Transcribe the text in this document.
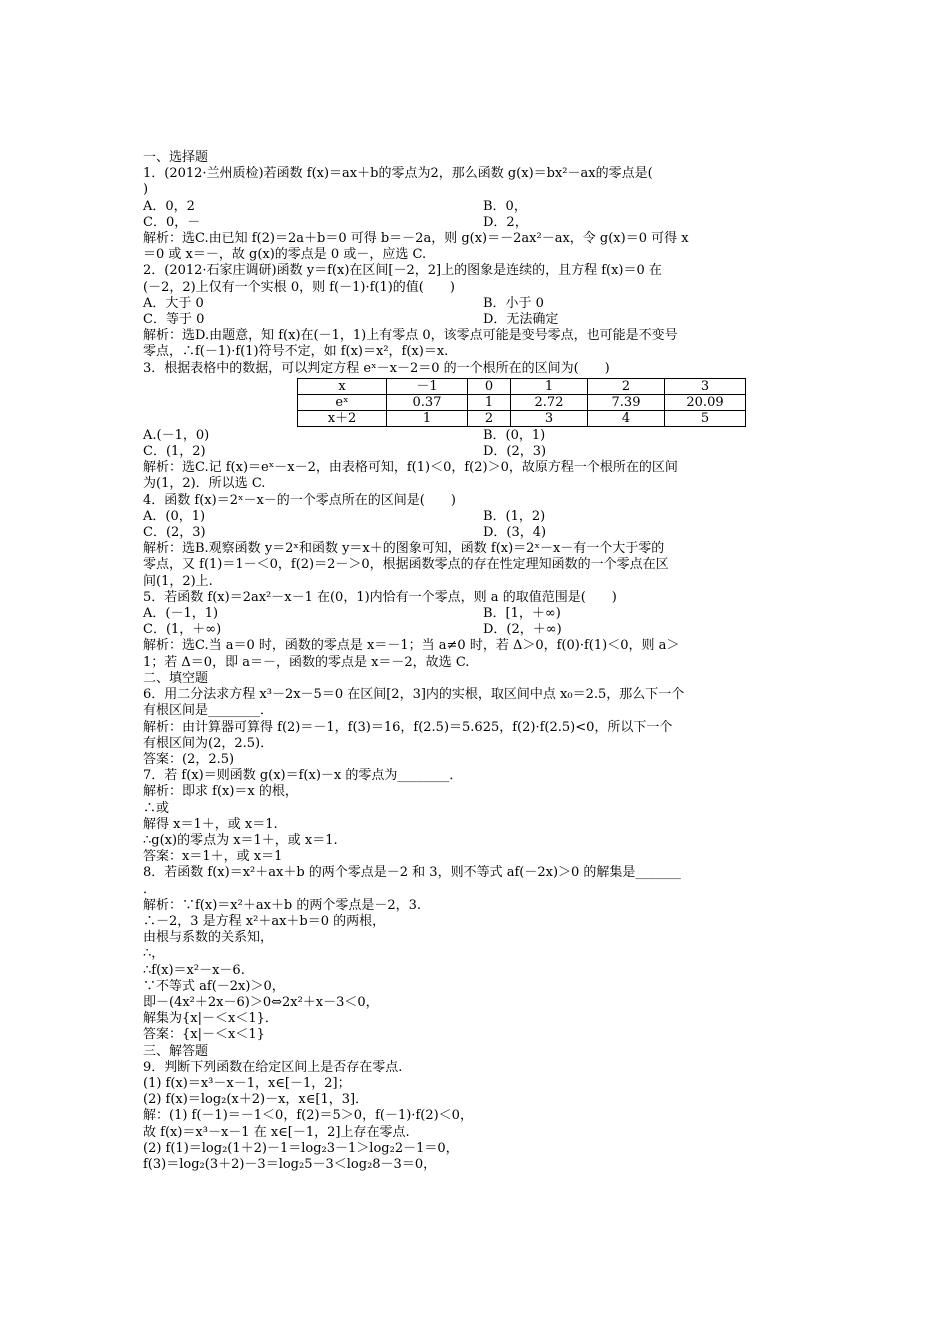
一、选择题

1．(2012·兰州质检)若函数 f(x)＝ax＋b的零点为2，那么函数 g(x)＝bx²－ax的零点是(

)

A．0，2	B．0，
C．0，－	D．2，

解析：选C.由已知 f(2)＝2a＋b＝0 可得 b＝－2a，则 g(x)＝－2ax²－ax，令 g(x)＝0 可得 x

＝0 或 x＝－，故 g(x)的零点是 0 或－，应选 C.

2．(2012·石家庄调研)函数 y＝f(x)在区间[－2，2]上的图象是连续的，且方程 f(x)＝0 在

(－2，2)上仅有一个实根 0，则 f(－1)·f(1)的值(　　)

A．大于 0	B．小于 0
C．等于 0	D．无法确定

解析：选D.由题意，知 f(x)在(－1，1)上有零点 0，该零点可能是变号零点，也可能是不变号

零点，∴f(－1)·f(1)符号不定，如 f(x)＝x²，f(x)＝x.

3．根据表格中的数据，可以判定方程 eˣ－x－2＝0 的一个根所在的区间为(　　)

x	－1	0	1	2	3
eˣ	0.37	1	2.72	7.39	20.09
x＋2	1	2	3	4	5
A.(－1，0)	B．(0，1)
C．(1，2)	D．(2，3)

解析：选C.记 f(x)＝eˣ－x－2，由表格可知，f(1)＜0，f(2)＞0，故原方程一个根所在的区间

为(1，2)．所以选 C.

4．函数 f(x)＝2ˣ－x－的一个零点所在的区间是(　　)

A．(0，1)	B．(1，2)
C．(2，3)	D．(3，4)

解析：选B.观察函数 y＝2ˣ和函数 y＝x＋的图象可知，函数 f(x)＝2ˣ－x－有一个大于零的

零点，又 f(1)＝1－＜0，f(2)＝2－＞0，根据函数零点的存在性定理知函数的一个零点在区

间(1，2)上.

5．若函数 f(x)＝2ax²－x－1 在(0，1)内恰有一个零点，则 a 的取值范围是(　　)

A．(－1，1)	B．[1，＋∞)
C．(1，＋∞)	D．(2，＋∞)

解析：选C.当 a＝0 时，函数的零点是 x＝－1；当 a≠0 时，若 Δ＞0，f(0)·f(1)＜0，则 a＞

1；若 Δ＝0，即 a＝－，函数的零点是 x＝－2，故选 C.

二、填空题

6．用二分法求方程 x³－2x－5＝0 在区间[2，3]内的实根，取区间中点 x₀＝2.5，那么下一个

有根区间是________．

解析：由计算器可算得 f(2)＝－1，f(3)＝16，f(2.5)＝5.625，f(2)·f(2.5)<0，所以下一个

有根区间为(2，2.5)．

答案：(2，2.5)

7．若 f(x)＝则函数 g(x)＝f(x)－x 的零点为________．

解析：即求 f(x)＝x 的根，

∴或

解得 x＝1＋，或 x＝1.

∴g(x)的零点为 x＝1＋，或 x＝1.

答案：x＝1＋，或 x＝1

8．若函数 f(x)＝x²＋ax＋b 的两个零点是－2 和 3，则不等式 af(－2x)＞0 的解集是_______

．

解析：∵f(x)＝x²＋ax＋b 的两个零点是－2，3.

∴－2，3 是方程 x²＋ax＋b＝0 的两根，

由根与系数的关系知，

∴，

∴f(x)＝x²－x－6.

∵不等式 af(－2x)＞0，

即－(4x²＋2x－6)＞0⇔2x²＋x－3＜0，

解集为{x|－＜x＜1}．

答案：{x|－＜x＜1}

三、解答题

9．判断下列函数在给定区间上是否存在零点.

(1) f(x)＝x³－x－1，x∈[－1，2]；

(2) f(x)＝log₂(x＋2)－x，x∈[1，3]．

解：(1) f(－1)＝－1＜0，f(2)＝5＞0，f(－1)·f(2)＜0，

故 f(x)＝x³－x－1 在 x∈[－1，2]上存在零点.

(2) f(1)＝log₂(1＋2)－1＝log₂3－1＞log₂2－1＝0，

f(3)＝log₂(3＋2)－3＝log₂5－3＜log₂8－3＝0，
